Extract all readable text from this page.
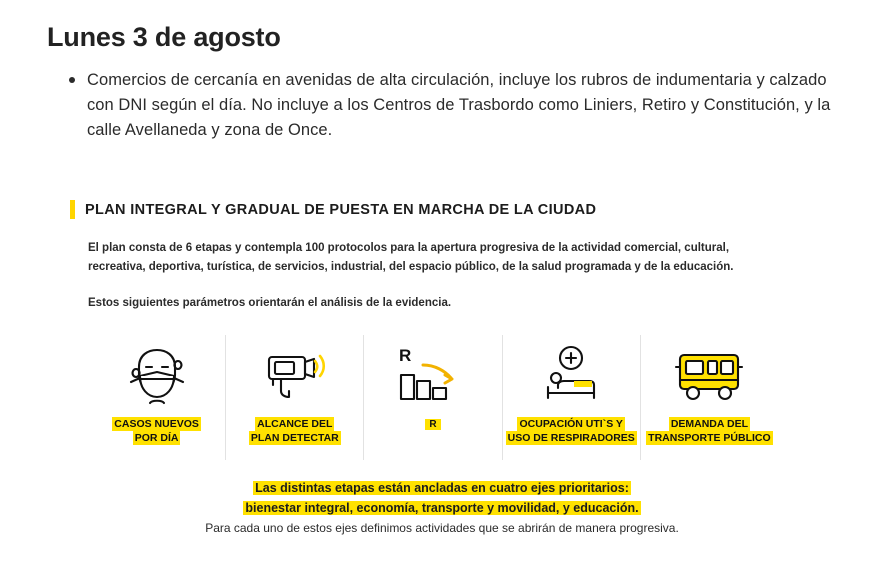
Lunes 3 de agosto
Comercios de cercanía en avenidas de alta circulación, incluye los rubros de indumentaria y calzado con DNI según el día. No incluye a los Centros de Trasbordo como Liniers, Retiro y Constitución, y la calle Avellaneda y zona de Once.
PLAN INTEGRAL Y GRADUAL DE PUESTA EN MARCHA DE LA CIUDAD
El plan consta de 6 etapas y contempla 100 protocolos para la apertura progresiva de la actividad comercial, cultural, recreativa, deportiva, turística, de servicios, industrial, del espacio público, de la salud programada y de la educación.
Estos siguientes parámetros orientarán el análisis de la evidencia.
CASOS NUEVOS
POR DÍA
ALCANCE DEL
PLAN DETECTAR
R
R	OCUPACIÓN UTI`S Y
USO DE RESPIRADORES
DEMANDA DEL
TRANSPORTE PÚBLICO
Las distintas etapas están ancladas en cuatro ejes prioritarios:
bienestar integral, economía, transporte y movilidad, y educación.
Para cada uno de estos ejes definimos actividades que se abrirán de manera progresiva.
